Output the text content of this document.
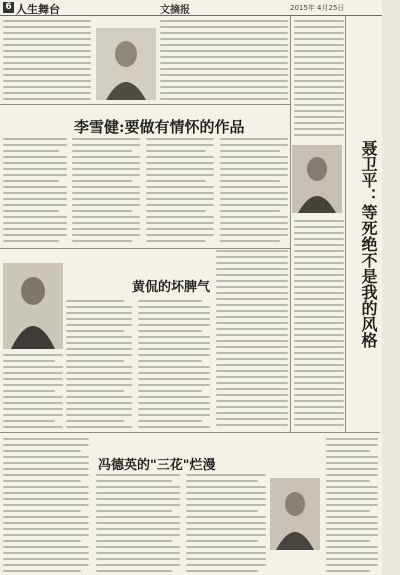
6 人生舞台	文摘报	2015年 4月25日
李雪健:要做有情怀的作品
黄侃的坏脾气
冯德英的"三花"烂漫
聂卫平：等死绝不是我的风格
